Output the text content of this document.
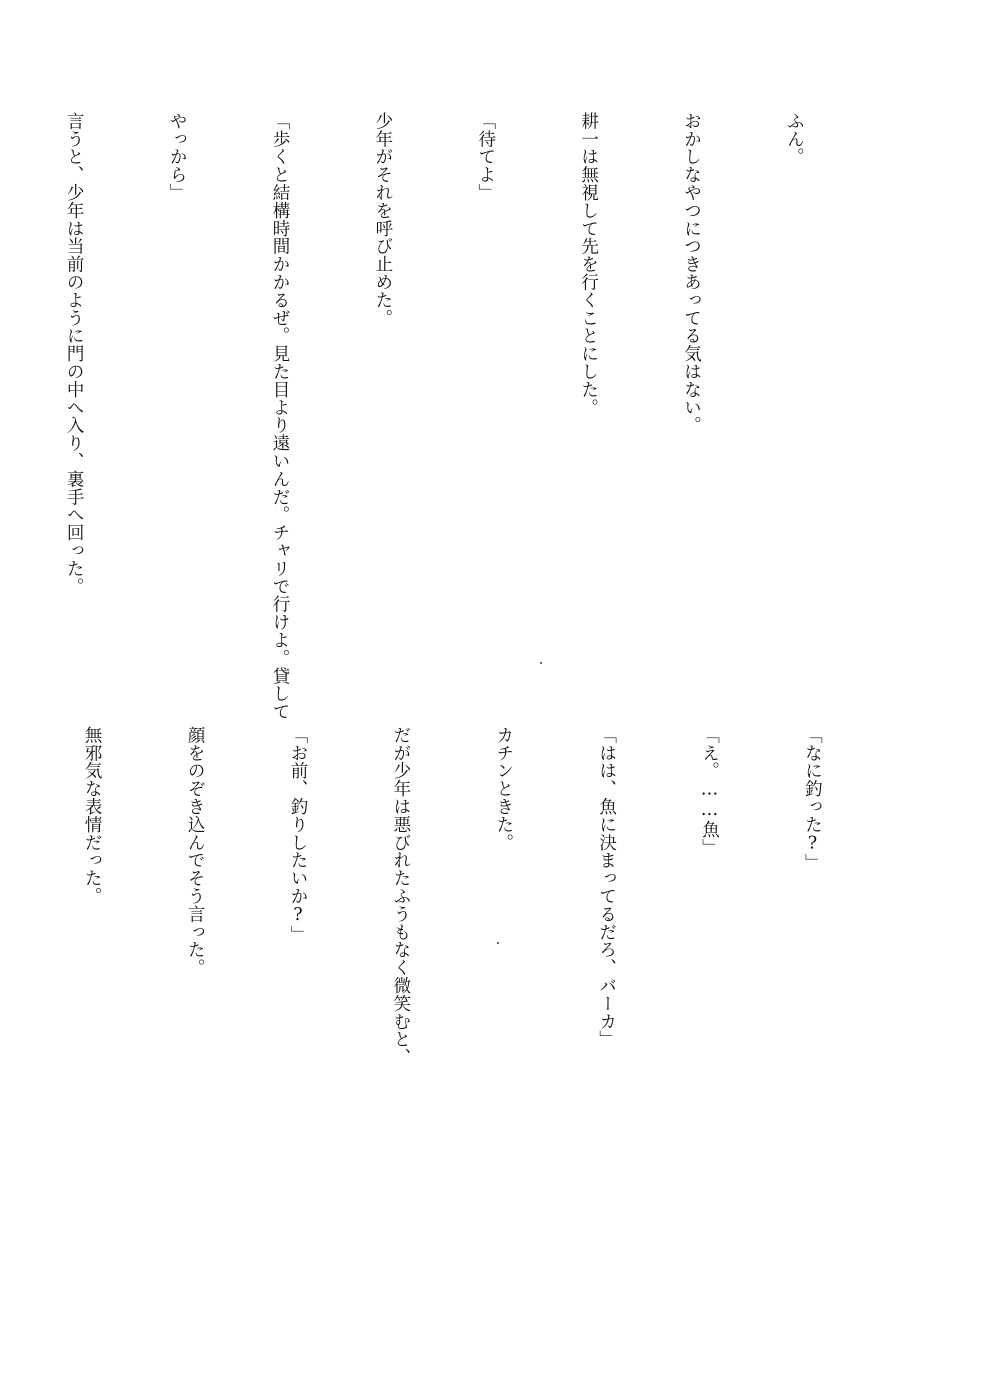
ふん。

おかしなやつにつきあってる気はない。

耕一は無視して先を行くことにした。

「待てよ」

少年がそれを呼び止めた。

「歩くと結構時間かかるぜ。見た目より遠いんだ。チャリで行けよ。貸して

やっから」

言うと、少年は当前のように門の中へ入り、裏手へ回った。

「なに釣った?」

「え。……魚」

「はは、魚に決まってるだろ、バーカ」

カチンときた。

だが少年は悪びれたふうもなく微笑むと、

「お前、釣りしたいか?」

顔をのぞき込んでそう言った。

無邪気な表情だった。
